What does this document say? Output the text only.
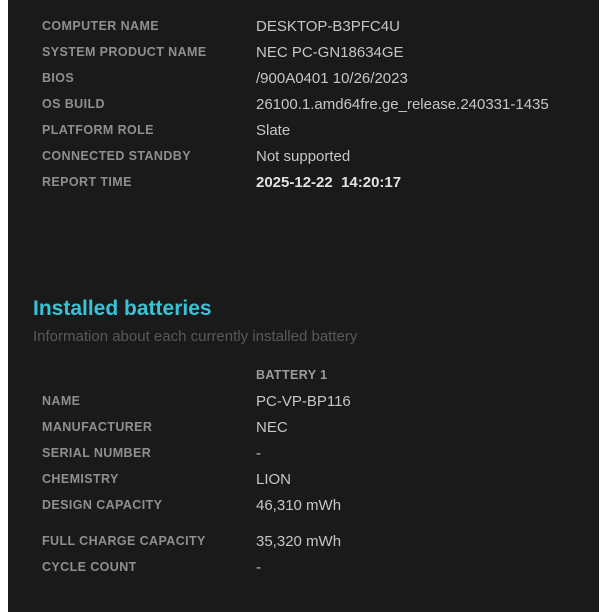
COMPUTER NAME	DESKTOP-B3PFC4U
SYSTEM PRODUCT NAME	NEC PC-GN18634GE
BIOS	/900A0401 10/26/2023
OS BUILD	26100.1.amd64fre.ge_release.240331-1435
PLATFORM ROLE	Slate
CONNECTED STANDBY	Not supported
REPORT TIME	2025-12-22  14:20:17
Installed batteries
Information about each currently installed battery
BATTERY 1
NAME	PC-VP-BP116
MANUFACTURER	NEC
SERIAL NUMBER	-
CHEMISTRY	LION
DESIGN CAPACITY	46,310 mWh
FULL CHARGE CAPACITY	35,320 mWh
CYCLE COUNT	-
